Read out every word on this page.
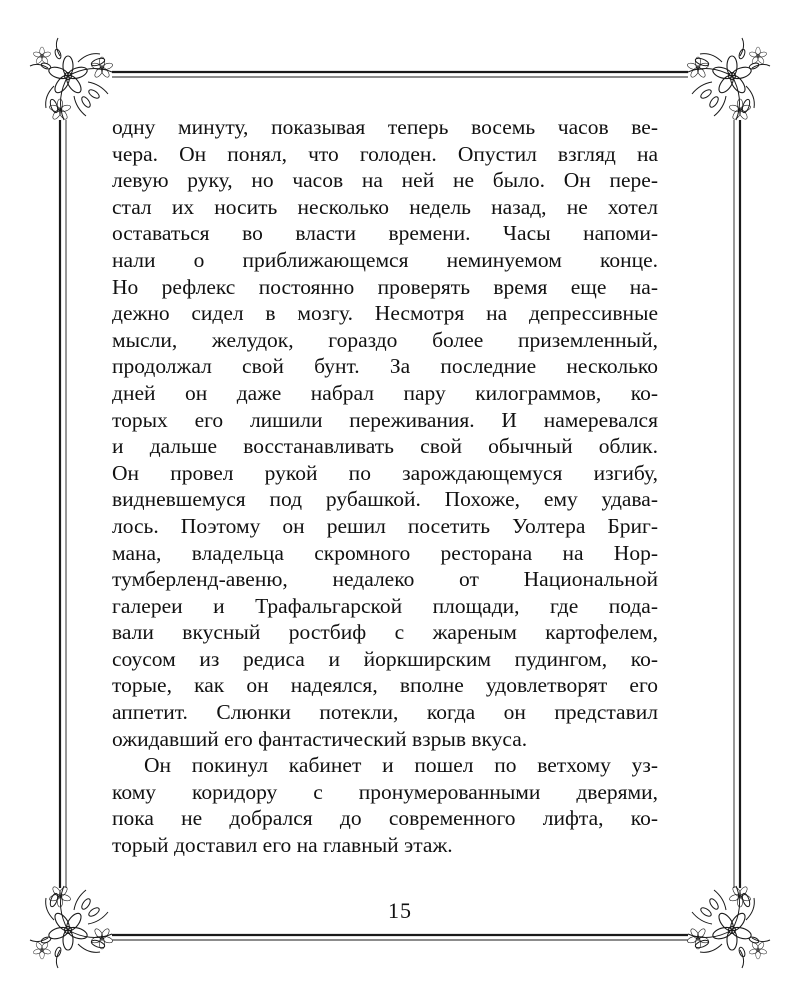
одну минуту, показывая теперь восемь часов ве-
чера. Он понял, что голоден. Опустил взгляд на
левую руку, но часов на ней не было. Он пере-
стал их носить несколько недель назад, не хотел
оставаться во власти времени. Часы напоми-
нали о приближающемся неминуемом конце.
Но рефлекс постоянно проверять время еще на-
дежно сидел в мозгу. Несмотря на депрессивные
мысли, желудок, гораздо более приземленный,
продолжал свой бунт. За последние несколько
дней он даже набрал пару килограммов, ко-
торых его лишили переживания. И намеревался
и дальше восстанавливать свой обычный облик.
Он провел рукой по зарождающемуся изгибу,
видневшемуся под рубашкой. Похоже, ему удава-
лось. Поэтому он решил посетить Уолтера Бриг-
мана, владельца скромного ресторана на Нор-
тумберленд-авеню, недалеко от Национальной
галереи и Трафальгарской площади, где пода-
вали вкусный ростбиф с жареным картофелем,
соусом из редиса и йоркширским пудингом, ко-
торые, как он надеялся, вполне удовлетворят его
аппетит. Слюнки потекли, когда он представил
ожидавший его фантастический взрыв вкуса.
Он покинул кабинет и пошел по ветхому уз-
кому коридору с пронумерованными дверями,
пока не добрался до современного лифта, ко-
торый доставил его на главный этаж.
15
